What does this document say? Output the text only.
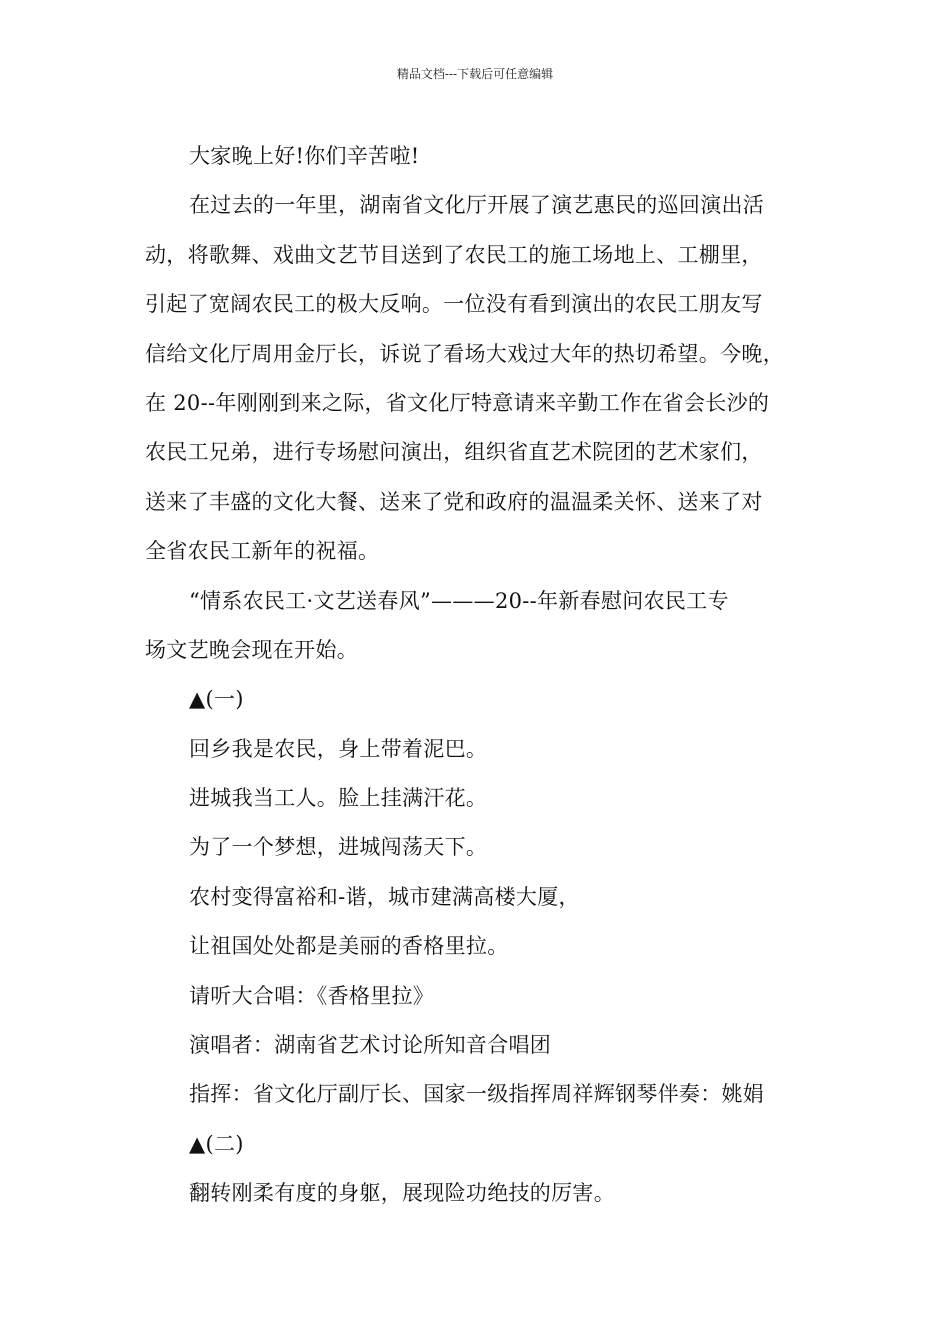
精品文档---下载后可任意编辑
大家晚上好!你们辛苦啦!
在过去的一年里，湖南省文化厅开展了演艺惠民的巡回演出活
动，将歌舞、戏曲文艺节目送到了农民工的施工场地上、工棚里，
引起了宽阔农民工的极大反响。一位没有看到演出的农民工朋友写
信给文化厅周用金厅长，诉说了看场大戏过大年的热切希望。今晚，
在 20--年刚刚到来之际，省文化厅特意请来辛勤工作在省会长沙的
农民工兄弟，进行专场慰问演出，组织省直艺术院团的艺术家们，
送来了丰盛的文化大餐、送来了党和政府的温温柔关怀、送来了对
全省农民工新年的祝福。
“情系农民工·文艺送春风”———20--年新春慰问农民工专
场文艺晚会现在开始。
▲(一)
回乡我是农民，身上带着泥巴。
进城我当工人。脸上挂满汗花。
为了一个梦想，进城闯荡天下。
农村变得富裕和-谐，城市建满高楼大厦，
让祖国处处都是美丽的香格里拉。
请听大合唱：《香格里拉》
演唱者：湖南省艺术讨论所知音合唱团
指挥：省文化厅副厅长、国家一级指挥周祥辉钢琴伴奏：姚娟
▲(二)
翻转刚柔有度的身躯，展现险功绝技的厉害。
